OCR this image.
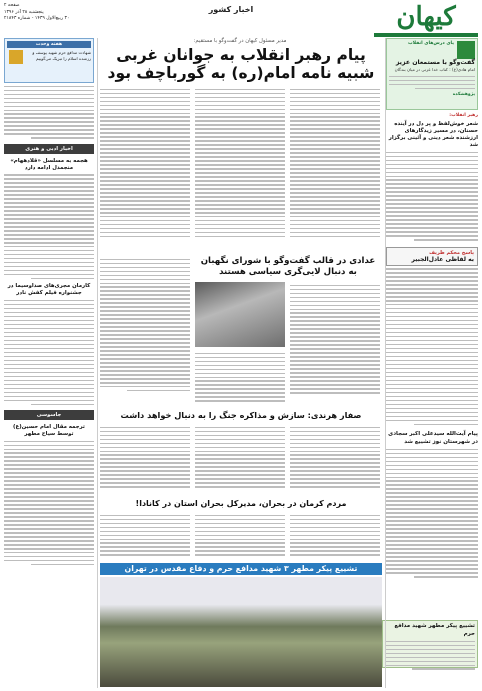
صفحه ۲
پنجشنبه ۲۸ آذر ۱۳۹۶
۳۰ ربیع‌الاول ۱۴۳۹ - شماره ۲۱۸۴۳
اخبار کشور	کیهان
پای درس‌های انقلاب
گفت‌وگو با مستمعان عزیز
امام هادی(ع) : کتاب خدا عزتی در میان بندگان
پژوهشکده
رهبر انقلاب:
شعر خوش‌لفظ و پر دل در آینده حسنان، در مسیر زیدگارهای ارزشنده شعر دینی و آئینی برگزار شد
پاسخ محکم ظریف
به لفاظی عادل‌الجبیر
پیام آیت‌الله سید‌علی اکبر سجادی در شهرستان نوز تشییع شد
تشییع پیکر مطهر شهید مدافع حرم
هفته وحدت
شهادت مدافع حرم شهید یوسف و رزمنده اسلام را تبریک می‌گوییم
اخبار ادبی و هنری
هجمه به مسلسل «قلادههام» منجمدل ادامه دارد
کارمان مجری‌های صداوسیما در جشنواره فیلم کفش نادر
جاسوسی
ترجمه مقال امام حسین(ع) توسط سیاح مطهر
مدیر مسئول کیهان در گفت‌وگو با مستقیم:
پیام رهبر انقلاب به جوانان غربی
شبیه نامه امام(ره) به گورباچف بود
عدادی در قالب گفت‌وگو با شورای نگهبان به دنبال لایی‌گری سیاسی هستند
صفار هرندی: سازش و مذاکره جنگ را به دنبال خواهد داشت
مردم کرمان در بحران، مدیرکل بحران استان در کانادا!
تشییع پیکر مطهر ۳ شهید مدافع حرم و دفاع مقدس در تهران
